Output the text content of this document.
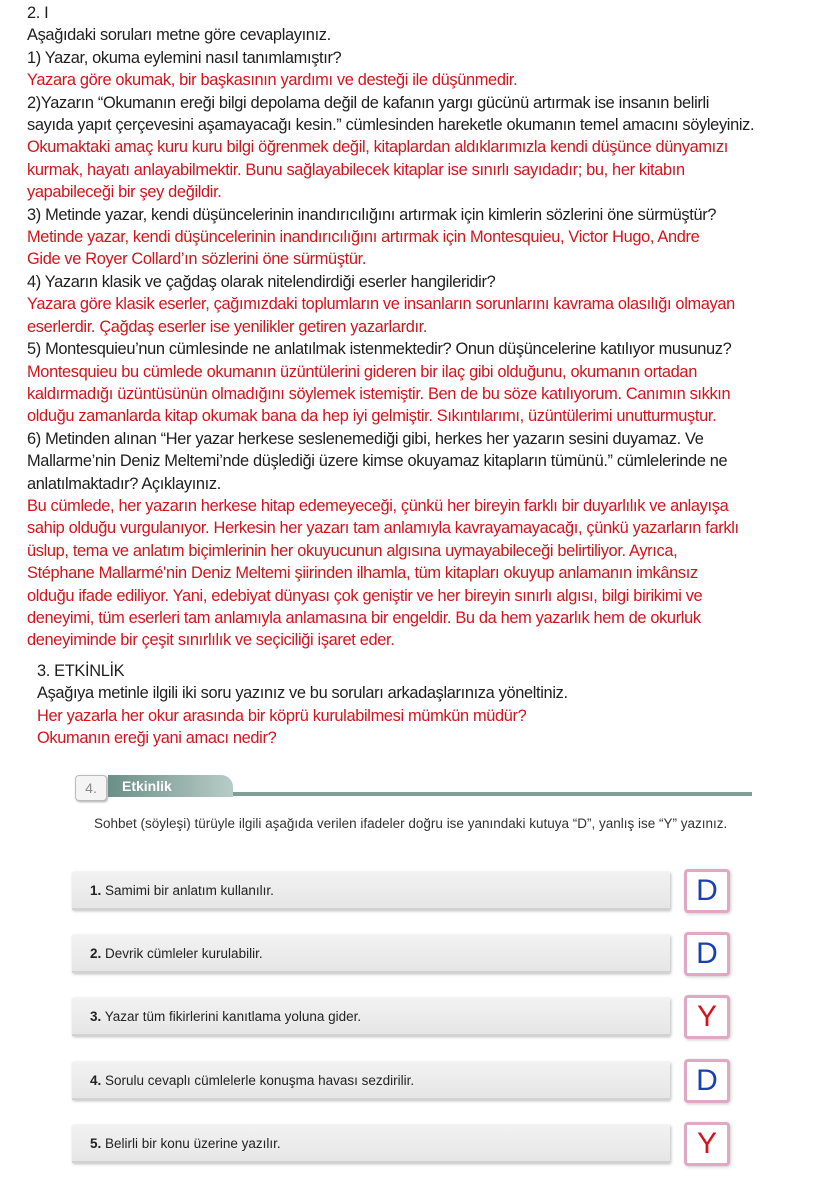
2. I
Aşağıdaki soruları metne göre cevaplayınız.
1) Yazar, okuma eylemini nasıl tanımlamıştır?
Yazara göre okumak, bir başkasının yardımı ve desteği ile düşünmedir.
2)Yazarın “Okumanın ereği bilgi depolama değil de kafanın yargı gücünü artırmak ise insanın belirli
sayıda yapıt çerçevesini aşamayacağı kesin.” cümlesinden hareketle okumanın temel amacını söyleyiniz.
Okumaktaki amaç kuru kuru bilgi öğrenmek değil, kitaplardan aldıklarımızla kendi düşünce dünyamızı
kurmak, hayatı anlayabilmektir. Bunu sağlayabilecek kitaplar ise sınırlı sayıdadır; bu, her kitabın
yapabileceği bir şey değildir.
3) Metinde yazar, kendi düşüncelerinin inandırıcılığını artırmak için kimlerin sözlerini öne sürmüştür?
Metinde yazar, kendi düşüncelerinin inandırıcılığını artırmak için Montesquieu, Victor Hugo, Andre
Gide ve Royer Collard’ın sözlerini öne sürmüştür.
4) Yazarın klasik ve çağdaş olarak nitelendirdiği eserler hangileridir?
Yazara göre klasik eserler, çağımızdaki toplumların ve insanların sorunlarını kavrama olasılığı olmayan
eserlerdir. Çağdaş eserler ise yenilikler getiren yazarlardır.
5) Montesquieu’nun cümlesinde ne anlatılmak istenmektedir? Onun düşüncelerine katılıyor musunuz?
Montesquieu bu cümlede okumanın üzüntülerini gideren bir ilaç gibi olduğunu, okumanın ortadan
kaldırmadığı üzüntüsünün olmadığını söylemek istemiştir. Ben de bu söze katılıyorum. Canımın sıkkın
olduğu zamanlarda kitap okumak bana da hep iyi gelmiştir. Sıkıntılarımı, üzüntülerimi unutturmuştur.
6) Metinden alınan “Her yazar herkese seslenemediği gibi, herkes her yazarın sesini duyamaz. Ve
Mallarme’nin Deniz Meltemi’nde düşlediği üzere kimse okuyamaz kitapların tümünü.” cümlelerinde ne
anlatılmaktadır? Açıklayınız.
Bu cümlede, her yazarın herkese hitap edemeyeceği, çünkü her bireyin farklı bir duyarlılık ve anlayışa
sahip olduğu vurgulanıyor. Herkesin her yazarı tam anlamıyla kavrayamayacağı, çünkü yazarların farklı
üslup, tema ve anlatım biçimlerinin her okuyucunun algısına uymayabileceği belirtiliyor. Ayrıca,
Stéphane Mallarmé'nin Deniz Meltemi şiirinden ilhamla, tüm kitapları okuyup anlamanın imkânsız
olduğu ifade ediliyor. Yani, edebiyat dünyası çok geniştir ve her bireyin sınırlı algısı, bilgi birikimi ve
deneyimi, tüm eserleri tam anlamıyla anlamasına bir engeldir. Bu da hem yazarlık hem de okurluk
deneyiminde bir çeşit sınırlılık ve seçiciliği işaret eder.
3. ETKİNLİK
Aşağıya metinle ilgili iki soru yazınız ve bu soruları arkadaşlarınıza yöneltiniz.
Her yazarla her okur arasında bir köprü kurulabilmesi mümkün müdür?
Okumanın ereği yani amacı nedir?
4.	Etkinlik
Sohbet (söyleşi) türüyle ilgili aşağıda verilen ifadeler doğru ise yanındaki kutuya “D”, yanlış ise “Y” yazınız.
1. Samimi bir anlatım kullanılır.	D
2. Devrik cümleler kurulabilir.	D
3. Yazar tüm fikirlerini kanıtlama yoluna gider.	Y
4. Sorulu cevaplı cümlelerle konuşma havası sezdirilir.	D
5. Belirli bir konu üzerine yazılır.	Y
